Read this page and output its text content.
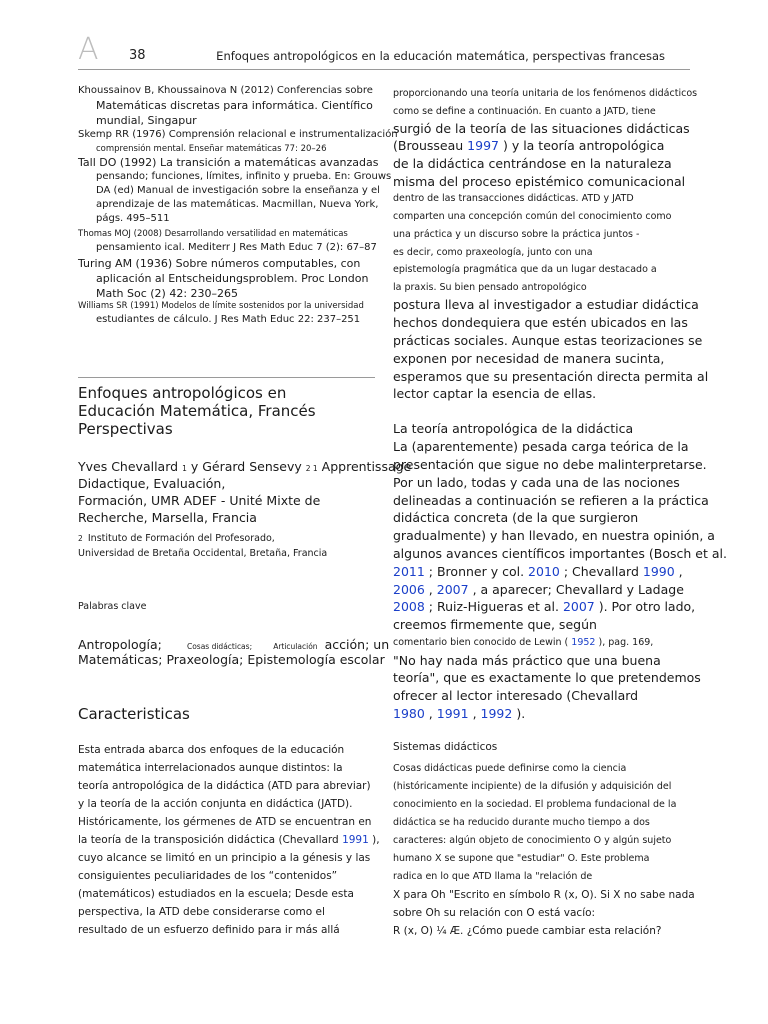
A 38	Enfoques antropológicos en la educación matemática, perspectivas francesas
Khoussainov B, Khoussainova N (2012) Conferencias sobre
Matemáticas discretas para informática. Científico
mundial, Singapur
Skemp RR (1976) Comprensión relacional e instrumentalización
comprensión mental. Enseñar matemáticas 77: 20–26
Tall DO (1992) La transición a matemáticas avanzadas
pensando; funciones, límites, infinito y prueba. En: Grouws
DA (ed) Manual de investigación sobre la enseñanza y el
aprendizaje de las matemáticas. Macmillan, Nueva York,
págs. 495–511
Thomas MOJ (2008) Desarrollando versatilidad en matemáticas
pensamiento ical. Mediterr J Res Math Educ 7 (2): 67–87
Turing AM (1936) Sobre números computables, con
aplicación al Entscheidungsproblem. Proc London
Math Soc (2) 42: 230–265
Williams SR (1991) Modelos de límite sostenidos por la universidad
estudiantes de cálculo. J Res Math Educ 22: 237–251
Enfoques antropológicos en
Educación Matemática, Francés
Perspectivas
Yves Chevallard 1 y Gérard Sensevy 2 1 Apprentissage
Didactique, Evaluación,
Formación, UMR ADEF - Unité Mixte de
Recherche, Marsella, Francia
2 Instituto de Formación del Profesorado,
Universidad de Bretaña Occidental, Bretaña, Francia
Palabras clave
Antropología;	Cosas didácticas;	Articulación acción; un
Matemáticas; Praxeología; Epistemología escolar
Caracteristicas
Esta entrada abarca dos enfoques de la educación
matemática interrelacionados aunque distintos: la
teoría antropológica de la didáctica (ATD para abreviar)
y la teoría de la acción conjunta en didáctica (JATD).
Históricamente, los gérmenes de ATD se encuentran en
la teoría de la transposición didáctica (Chevallard 1991 ),
cuyo alcance se limitó en un principio a la génesis y las
consiguientes peculiaridades de los “contenidos”
(matemáticos) estudiados en la escuela; Desde esta
perspectiva, la ATD debe considerarse como el
resultado de un esfuerzo definido para ir más allá
proporcionando una teoría unitaria de los fenómenos didácticos
como se define a continuación. En cuanto a JATD, tiene
surgió de la teoría de las situaciones didácticas
(Brousseau 1997 ) y la teoría antropológica
de la didáctica centrándose en la naturaleza
misma del proceso epistémico comunicacional
dentro de las transacciones didácticas. ATD y JATD
comparten una concepción común del conocimiento como
una práctica y un discurso sobre la práctica juntos -
es decir, como praxeología, junto con una
epistemología pragmática que da un lugar destacado a
la praxis. Su bien pensado antropológico
postura lleva al investigador a estudiar didáctica
hechos dondequiera que estén ubicados en las
prácticas sociales. Aunque estas teorizaciones se
exponen por necesidad de manera sucinta,
esperamos que su presentación directa permita al
lector captar la esencia de ellas.
La teoría antropológica de la didáctica
La (aparentemente) pesada carga teórica de la
presentación que sigue no debe malinterpretarse.
Por un lado, todas y cada una de las nociones
delineadas a continuación se refieren a la práctica
didáctica concreta (de la que surgieron
gradualmente) y han llevado, en nuestra opinión, a
algunos avances científicos importantes (Bosch et al.
2011 ; Bronner y col. 2010 ; Chevallard 1990 ,
2006 , 2007 , a aparecer; Chevallard y Ladage
2008 ; Ruiz-Higueras et al. 2007 ). Por otro lado,
creemos firmemente que, según
comentario bien conocido de Lewin ( 1952 ), pag. 169,
"No hay nada más práctico que una buena
teoría", que es exactamente lo que pretendemos
ofrecer al lector interesado (Chevallard
1980 , 1991 , 1992 ).
Sistemas didácticos
Cosas didácticas puede definirse como la ciencia
(históricamente incipiente) de la difusión y adquisición del
conocimiento en la sociedad. El problema fundacional de la
didáctica se ha reducido durante mucho tiempo a dos
caracteres: algún objeto de conocimiento O y algún sujeto
humano X se supone que "estudiar" O. Este problema
radica en lo que ATD llama la "relación de
X para Oh "Escrito en símbolo R (x, O). Si X no sabe nada
sobre Oh su relación con O está vacío:
R (x, O) ¼ Æ. ¿Cómo puede cambiar esta relación?
